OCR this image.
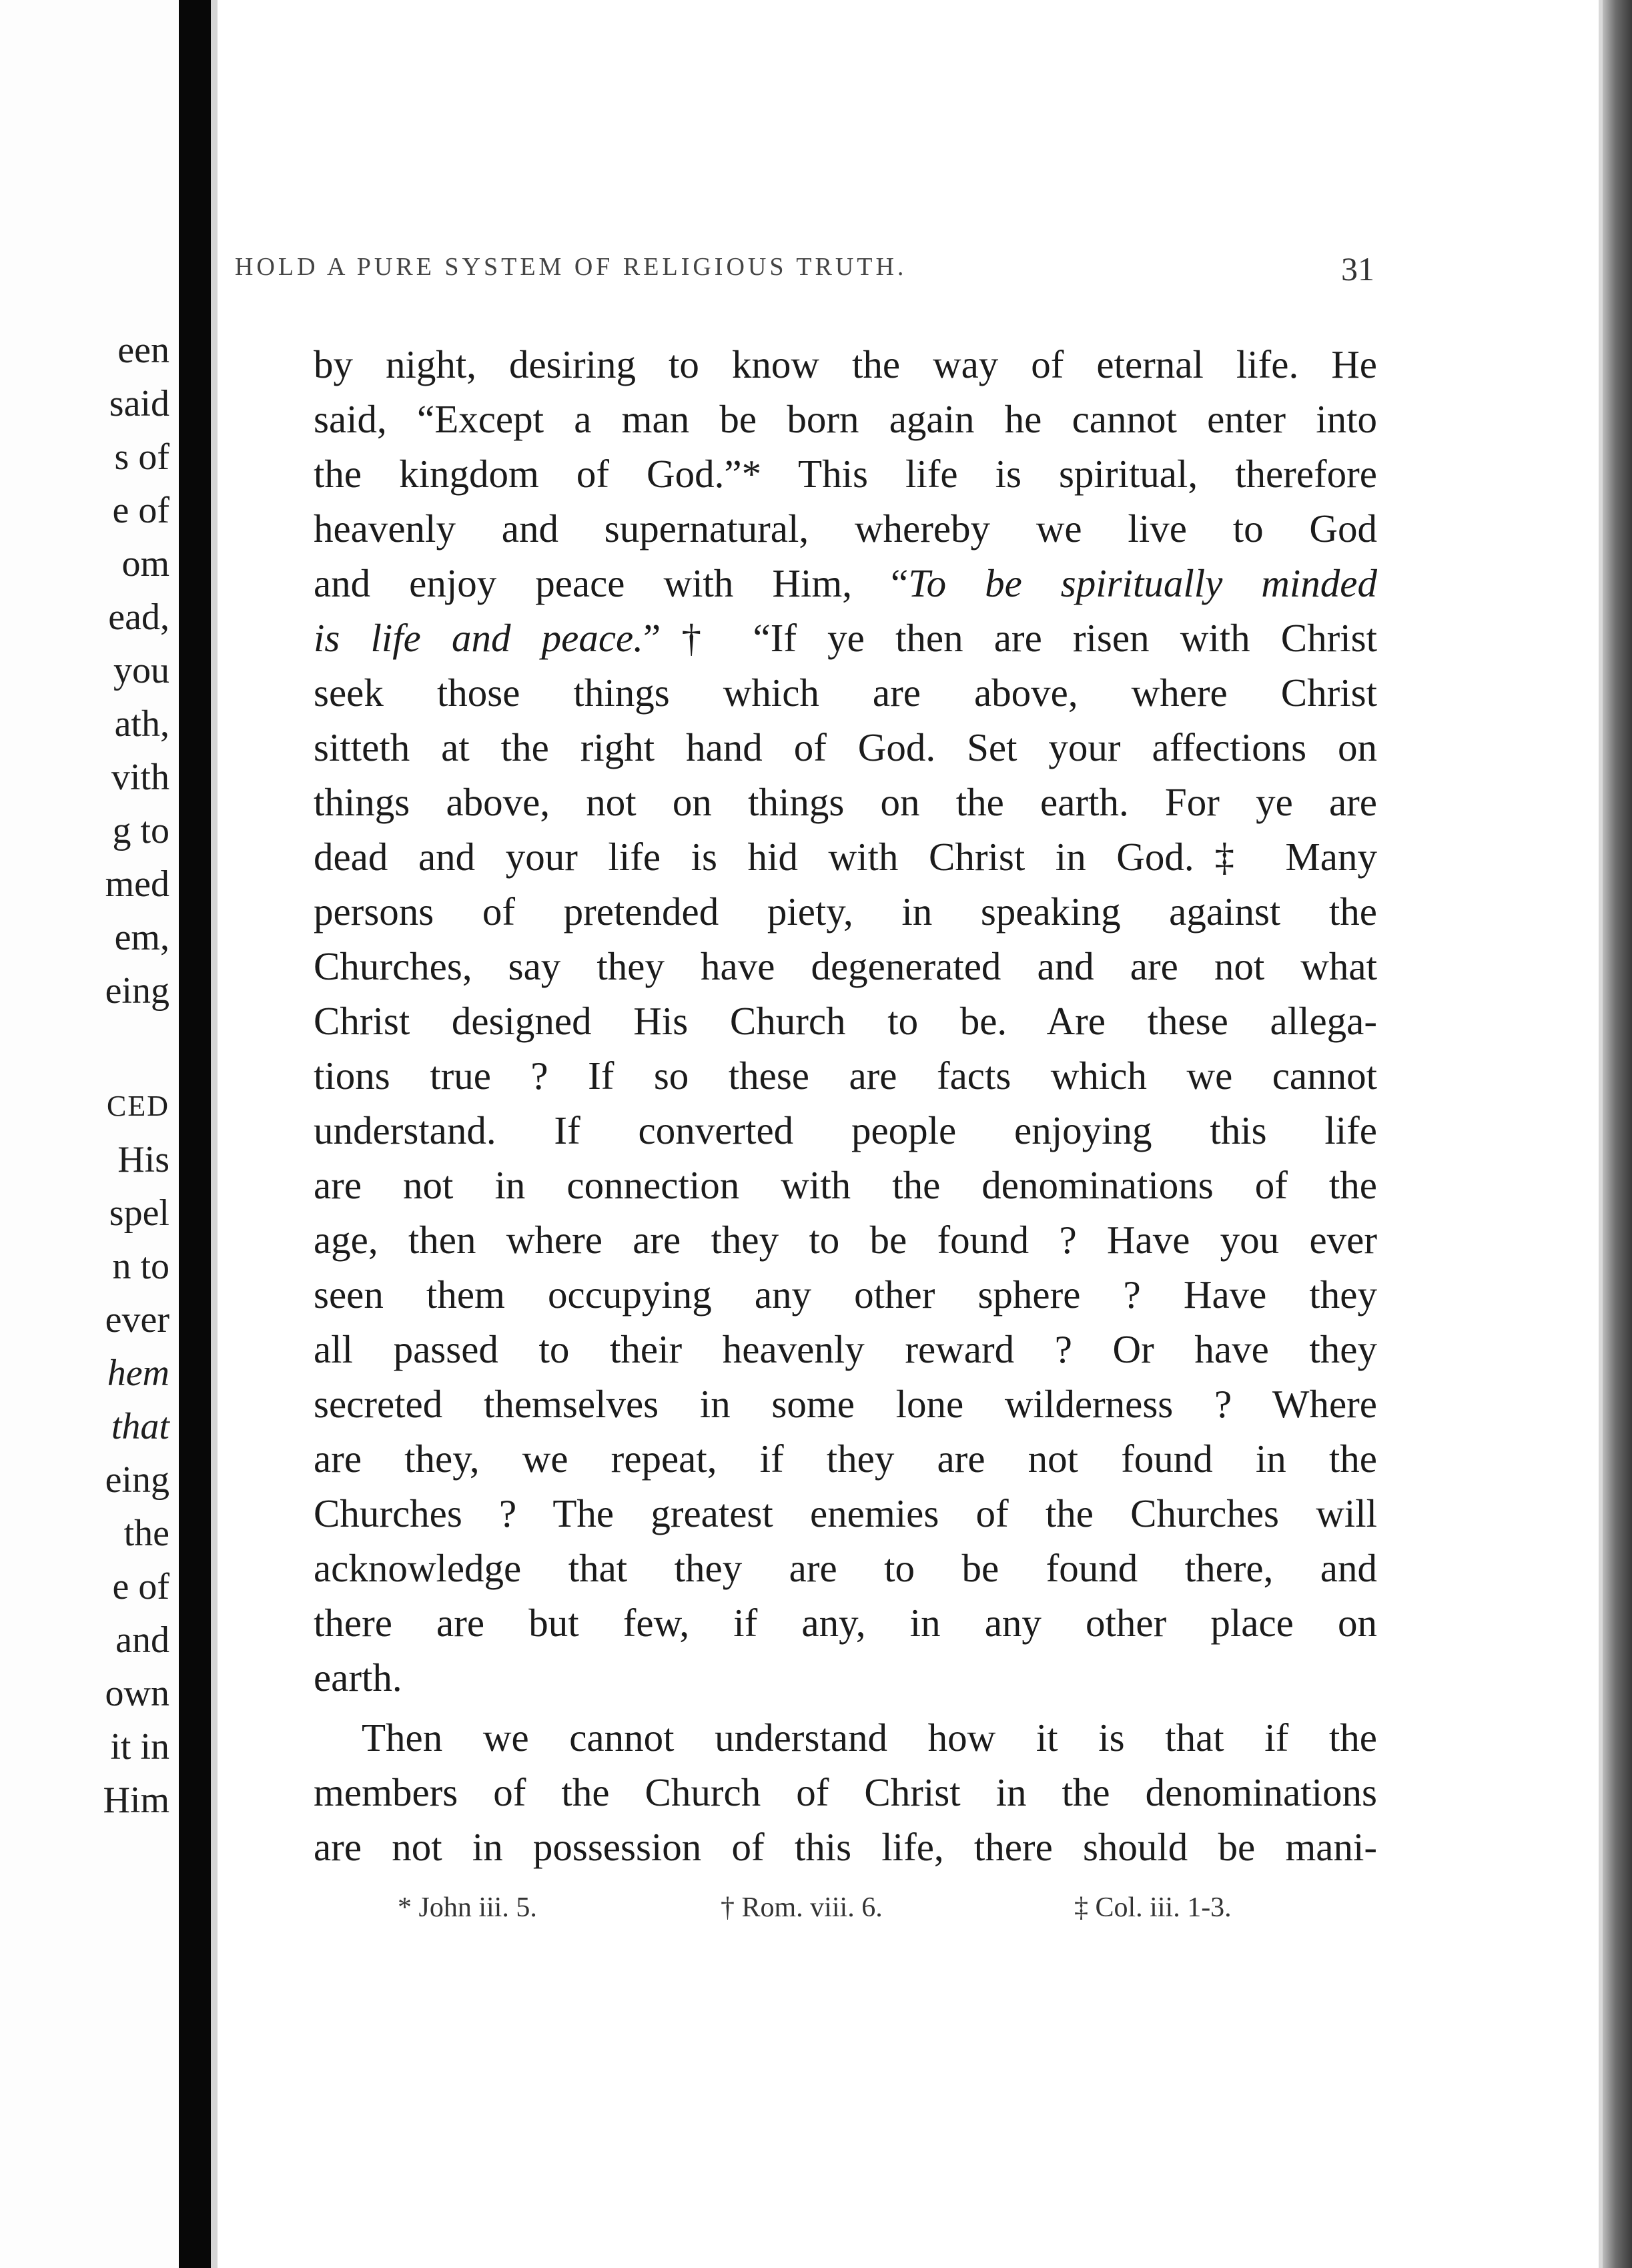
een
said
s of
e of
om
ead,
you
ath,
vith
g to
med
em,
eing
CED
His
spel
n to
ever
hem
that
eing
the
e of
and
own
it in
Him
HOLD A PURE SYSTEM OF RELIGIOUS TRUTH.	31
by night, desiring to know the way of eternal life. He
said, “Except a man be born again he cannot enter into
the kingdom of God.”* This life is spiritual, therefore
heavenly and supernatural, whereby we live to God
and enjoy peace with Him, “To be spiritually minded
is life and peace.”† “If ye then are risen with Christ
seek those things which are above, where Christ
sitteth at the right hand of God. Set your affections on
things above, not on things on the earth. For ye are
dead and your life is hid with Christ in God.‡ Many
persons of pretended piety, in speaking against the
Churches, say they have degenerated and are not what
Christ designed His Church to be. Are these allega-
tions true ? If so these are facts which we cannot
understand. If converted people enjoying this life
are not in connection with the denominations of the
age, then where are they to be found ? Have you ever
seen them occupying any other sphere ? Have they
all passed to their heavenly reward ? Or have they
secreted themselves in some lone wilderness ? Where
are they, we repeat, if they are not found in the
Churches ? The greatest enemies of the Churches will
acknowledge that they are to be found there, and
there are but few, if any, in any other place on
earth.
Then we cannot understand how it is that if the
members of the Church of Christ in the denominations
are not in possession of this life, there should be mani-
* John iii. 5.	† Rom. viii. 6.	‡ Col. iii. 1-3.
